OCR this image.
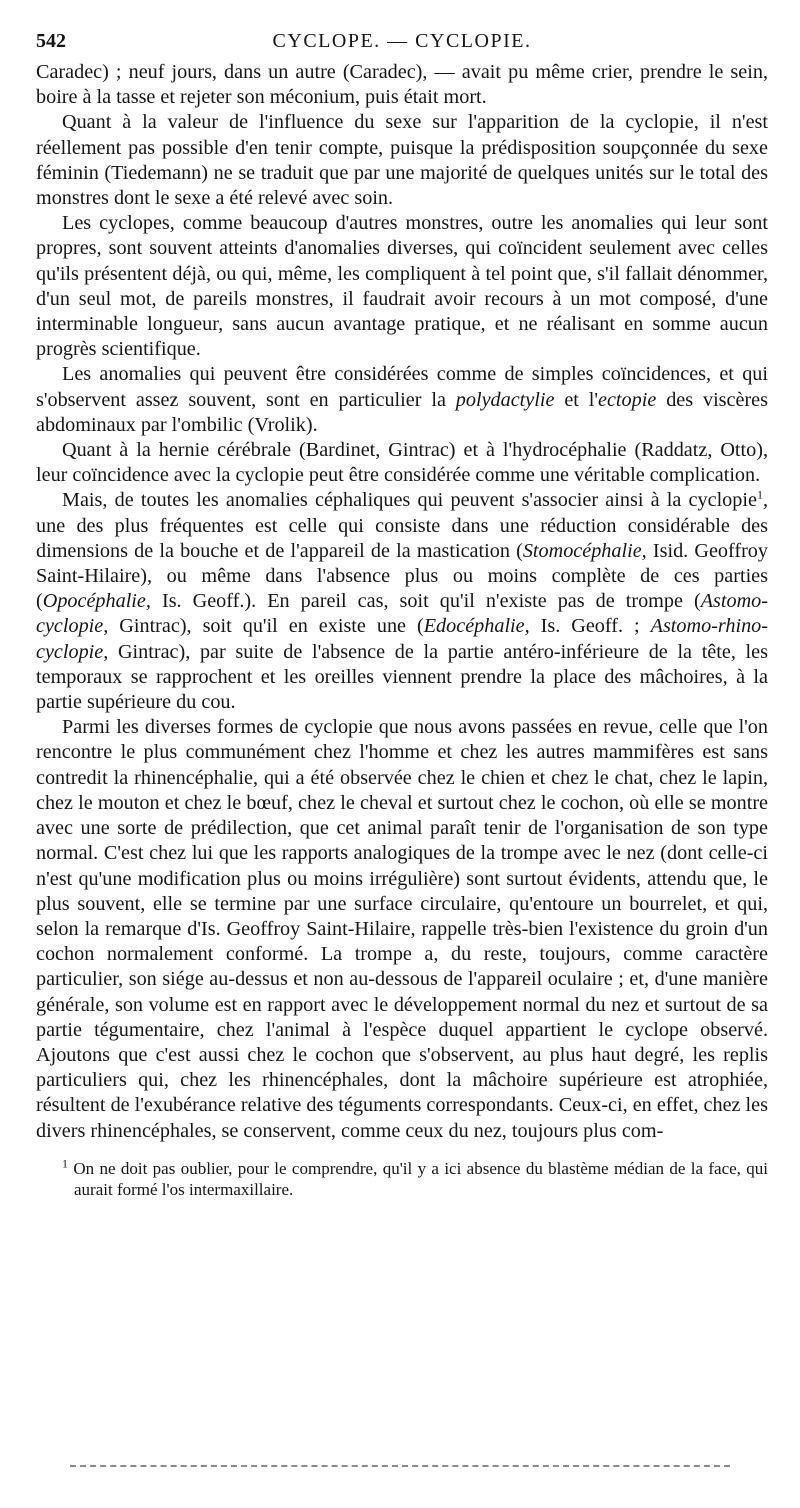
542	CYCLOPE. — CYCLOPIE.

Caradec) ; neuf jours, dans un autre (Caradec), — avait pu même crier, prendre le sein, boire à la tasse et rejeter son méconium, puis était mort.

Quant à la valeur de l'influence du sexe sur l'apparition de la cyclopie, il n'est réellement pas possible d'en tenir compte, puisque la prédisposition soupçonnée du sexe féminin (Tiedemann) ne se traduit que par une majorité de quelques unités sur le total des monstres dont le sexe a été relevé avec soin.

Les cyclopes, comme beaucoup d'autres monstres, outre les anomalies qui leur sont propres, sont souvent atteints d'anomalies diverses, qui coïncident seulement avec celles qu'ils présentent déjà, ou qui, même, les compliquent à tel point que, s'il fallait dénommer, d'un seul mot, de pareils monstres, il faudrait avoir recours à un mot composé, d'une interminable longueur, sans aucun avantage pratique, et ne réalisant en somme aucun progrès scientifique.

Les anomalies qui peuvent être considérées comme de simples coïncidences, et qui s'observent assez souvent, sont en particulier la polydactylie et l'ectopie des viscères abdominaux par l'ombilic (Vrolik).

Quant à la hernie cérébrale (Bardinet, Gintrac) et à l'hydrocéphalie (Raddatz, Otto), leur coïncidence avec la cyclopie peut être considérée comme une véritable complication.

Mais, de toutes les anomalies céphaliques qui peuvent s'associer ainsi à la cyclopie$^1$, une des plus fréquentes est celle qui consiste dans une réduction considérable des dimensions de la bouche et de l'appareil de la mastication (Stomocéphalie, Isid. Geoffroy Saint-Hilaire), ou même dans l'absence plus ou moins complète de ces parties (Opocéphalie, Is. Geoff.). En pareil cas, soit qu'il n'existe pas de trompe (Astomo-cyclopie, Gintrac), soit qu'il en existe une (Edocéphalie, Is. Geoff. ; Astomo-rhino-cyclopie, Gintrac), par suite de l'absence de la partie antéro-inférieure de la tête, les temporaux se rapprochent et les oreilles viennent prendre la place des mâchoires, à la partie supérieure du cou.

Parmi les diverses formes de cyclopie que nous avons passées en revue, celle que l'on rencontre le plus communément chez l'homme et chez les autres mammifères est sans contredit la rhinencéphalie, qui a été observée chez le chien et chez le chat, chez le lapin, chez le mouton et chez le bœuf, chez le cheval et surtout chez le cochon, où elle se montre avec une sorte de prédilection, que cet animal paraît tenir de l'organisation de son type normal. C'est chez lui que les rapports analogiques de la trompe avec le nez (dont celle-ci n'est qu'une modification plus ou moins irrégulière) sont surtout évidents, attendu que, le plus souvent, elle se termine par une surface circulaire, qu'entoure un bourrelet, et qui, selon la remarque d'Is. Geoffroy Saint-Hilaire, rappelle très-bien l'existence du groin d'un cochon normalement conformé. La trompe a, du reste, toujours, comme caractère particulier, son siége au-dessus et non au-dessous de l'appareil oculaire ; et, d'une manière générale, son volume est en rapport avec le développement normal du nez et surtout de sa partie tégumentaire, chez l'animal à l'espèce duquel appartient le cyclope observé. Ajoutons que c'est aussi chez le cochon que s'observent, au plus haut degré, les replis particuliers qui, chez les rhinencéphales, dont la mâchoire supérieure est atrophiée, résultent de l'exubérance relative des téguments correspondants. Ceux-ci, en effet, chez les divers rhinencéphales, se conservent, comme ceux du nez, toujours plus com-

$^1$ On ne doit pas oublier, pour le comprendre, qu'il y a ici absence du blastème médian de la face, qui aurait formé l'os intermaxillaire.
